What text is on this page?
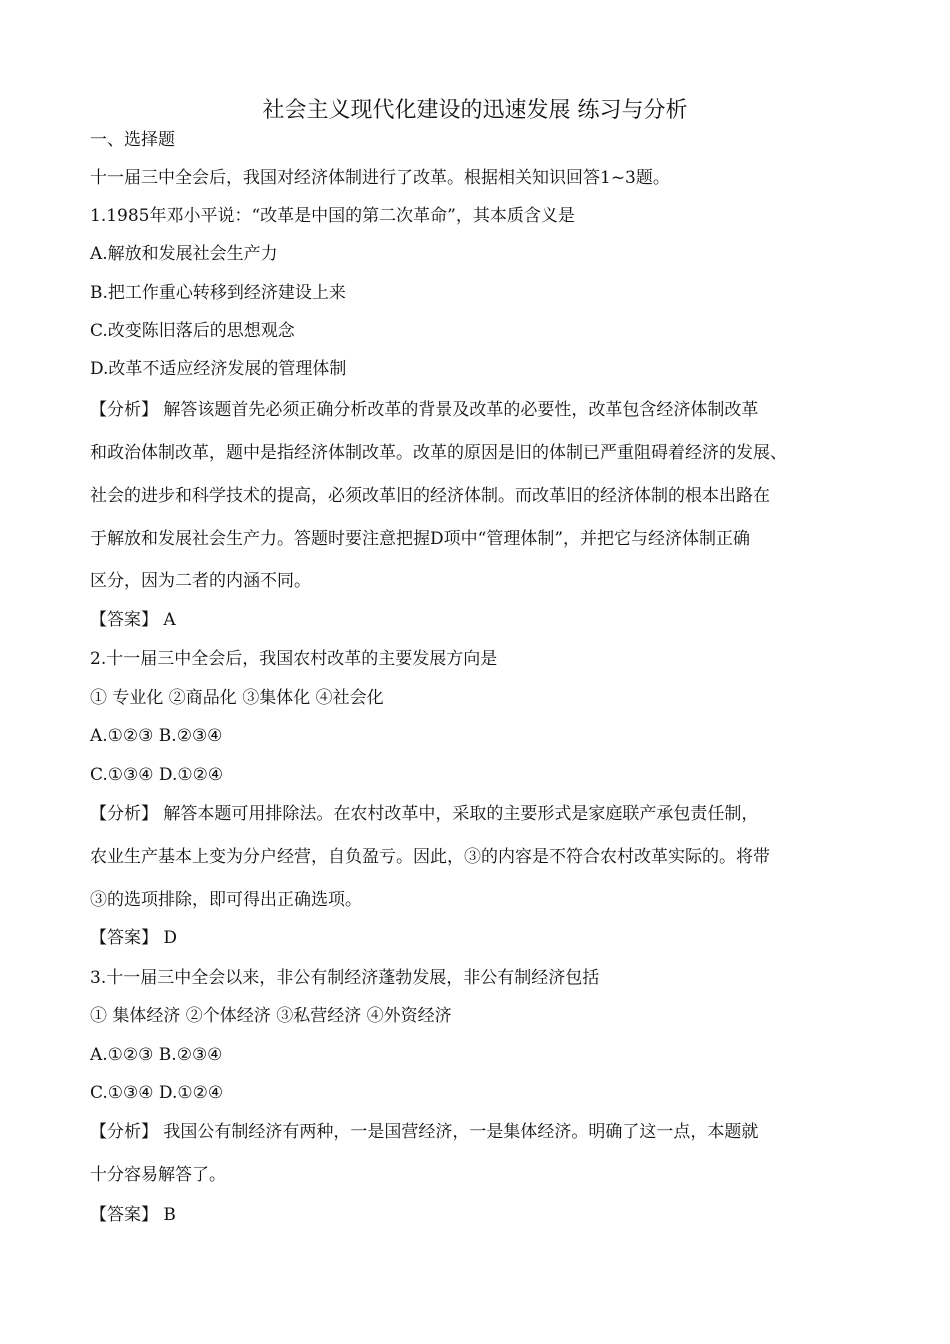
社会主义现代化建设的迅速发展 练习与分析
一、选择题
十一届三中全会后，我国对经济体制进行了改革。根据相关知识回答1~3题。
1.1985年邓小平说：“改革是中国的第二次革命”，其本质含义是
A.解放和发展社会生产力
B.把工作重心转移到经济建设上来
C.改变陈旧落后的思想观念
D.改革不适应经济发展的管理体制
【分析】 解答该题首先必须正确分析改革的背景及改革的必要性，改革包含经济体制改革
和政治体制改革，题中是指经济体制改革。改革的原因是旧的体制已严重阻碍着经济的发展、
社会的进步和科学技术的提高，必须改革旧的经济体制。而改革旧的经济体制的根本出路在
于解放和发展社会生产力。答题时要注意把握D项中“管理体制”，并把它与经济体制正确
区分，因为二者的内涵不同。
【答案】 A
2.十一届三中全会后，我国农村改革的主要发展方向是
① 专业化 ②商品化 ③集体化 ④社会化
A.①②③ B.②③④
C.①③④ D.①②④
【分析】 解答本题可用排除法。在农村改革中，采取的主要形式是家庭联产承包责任制，
农业生产基本上变为分户经营，自负盈亏。因此，③的内容是不符合农村改革实际的。将带
③的选项排除，即可得出正确选项。
【答案】 D
3.十一届三中全会以来，非公有制经济蓬勃发展，非公有制经济包括
① 集体经济 ②个体经济 ③私营经济 ④外资经济
A.①②③ B.②③④
C.①③④ D.①②④
【分析】 我国公有制经济有两种，一是国营经济，一是集体经济。明确了这一点，本题就
十分容易解答了。
【答案】 B
